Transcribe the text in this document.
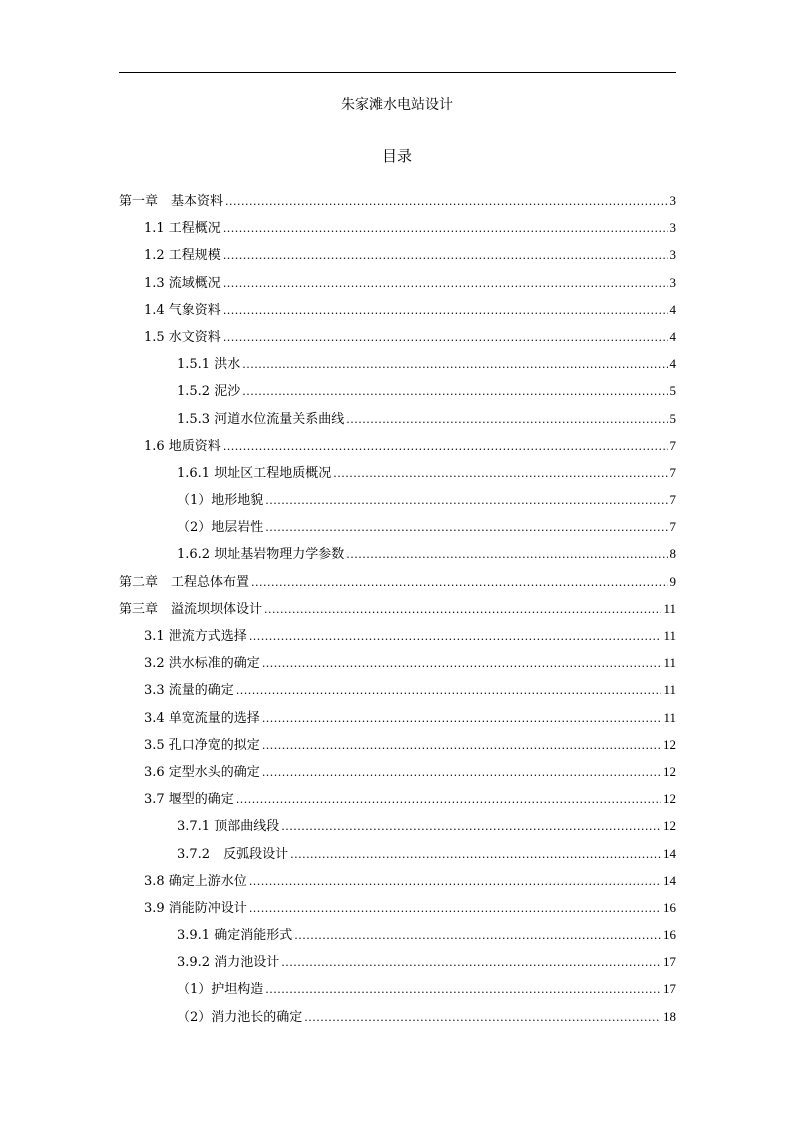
朱家滩水电站设计
目录
第一章　基本资料 .....	3
1.1 工程概况 .....	3
1.2 工程规模 .....	3
1.3 流域概况 .....	3
1.4 气象资料 .....	4
1.5 水文资料 .....	4
1.5.1 洪水 .....	4
1.5.2 泥沙 .....	5
1.5.3 河道水位流量关系曲线 .....	5
1.6 地质资料 .....	7
1.6.1 坝址区工程地质概况 .....	7
（1）地形地貌 .....	7
（2）地层岩性 .....	7
1.6.2 坝址基岩物理力学参数 .....	8
第二章　工程总体布置 .....	9
第三章　溢流坝坝体设计 .....	11
3.1 泄流方式选择 .....	11
3.2 洪水标准的确定 .....	11
3.3 流量的确定 .....	11
3.4 单宽流量的选择 .....	11
3.5 孔口净宽的拟定 .....	12
3.6 定型水头的确定 .....	12
3.7 堰型的确定 .....	12
3.7.1 顶部曲线段 .....	12
3.7.2　反弧段设计 .....	14
3.8 确定上游水位 .....	14
3.9 消能防冲设计 .....	16
3.9.1 确定消能形式 .....	16
3.9.2 消力池设计 .....	17
（1）护坦构造 .....	17
（2）消力池长的确定 .....	18
